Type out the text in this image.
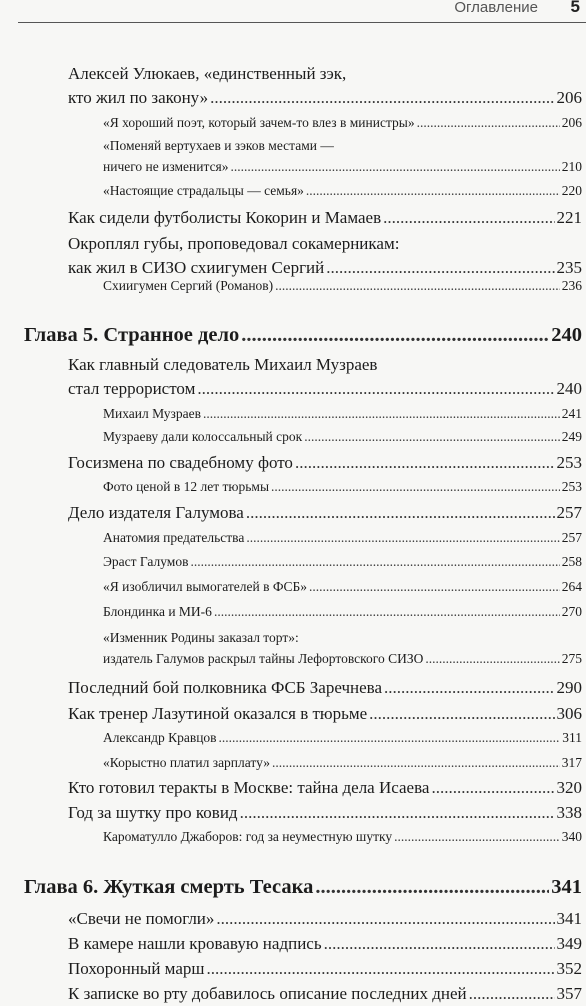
Оглавление 5
Алексей Улюкаев, «единственный зэк,
кто жил по закону» .....	206
«Я хороший поэт, который зачем-то влез в министры» .....	206
«Поменяй вертухаев и зэков местами —
ничего не изменится» .....	210
«Настоящие страдальцы — семья» .....	220
Как сидели футболисты Кокорин и Мамаев .....	221
Окроплял губы, проповедовал сокамерникам:
как жил в СИЗО схиигумен Сергий .....	235
Схиигумен Сергий (Романов) .....	236
Глава 5. Странное дело .....	240
Как главный следователь Михаил Музраев
стал террористом .....	240
Михаил Музраев .....	241
Музраеву дали колоссальный срок .....	249
Госизмена по свадебному фото .....	253
Фото ценой в 12 лет тюрьмы .....	253
Дело издателя Галумова .....	257
Анатомия предательства .....	257
Эраст Галумов .....	258
«Я изобличил вымогателей в ФСБ» .....	264
Блондинка и МИ-6 .....	270
«Изменник Родины заказал торт»:
издатель Галумов раскрыл тайны Лефортовского СИЗО .....	275
Последний бой полковника ФСБ Заречнева .....	290
Как тренер Лазутиной оказался в тюрьме .....	306
Александр Кравцов .....	311
«Корыстно платил зарплату» .....	317
Кто готовил теракты в Москве: тайна дела Исаева .....	320
Год за шутку про ковид .....	338
Кароматулло Джаборов: год за неуместную шутку .....	340
Глава 6. Жуткая смерть Тесака .....	341
«Свечи не помогли» .....	341
В камере нашли кровавую надпись .....	349
Похоронный марш .....	352
К записке во рту добавилось описание последних дней .....	357
